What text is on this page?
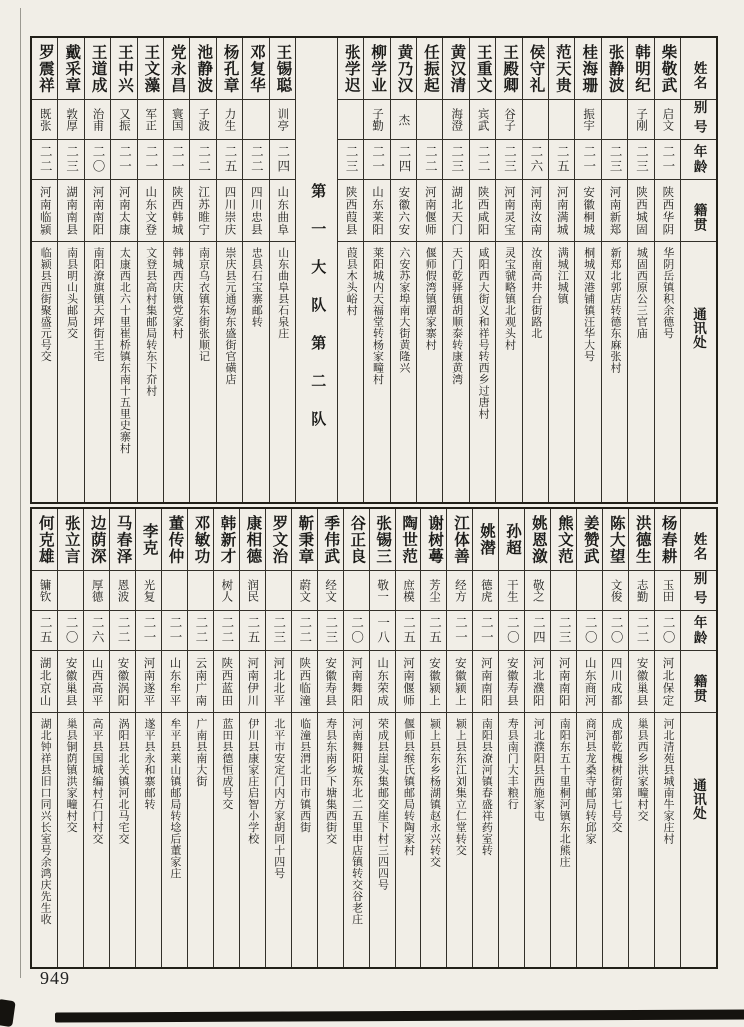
姓名
别号
年龄
籍贯
通讯处
柴敬武
启文
二一
陕西华阴
华阴岳镇积余德号
韩明纪
子刚
二三
陕西城固
城固西原公三官庙
张静波
二三
河南新郑
新郑北郭店转德东麻张村
桂海珊
振宇
二一
安徽桐城
桐城双港铺镇汪华大号
范天贵
二五
河南满城
满城江城镇
侯守礼
二六
河南汝南
汝南高井台街路北
王殿卿
谷子
二三
河南灵宝
灵宝虢略镇北观头村
王重文
宾武
二二
陕西咸阳
咸阳西大街义和祥号转西乡过唐村
黄汉清
海澄
二三
湖北天门
天门乾驿镇胡顺泰转康黄湾
任振起
二二
河南偃师
偃师假湾镇谭家寨村
黄乃汉
杰
二四
安徽六安
六安苏家埠南大街黄隆兴
柳学业
子勤
二一
山东莱阳
莱阳城内天福堂转杨家疃村
张学迟
二三
陕西葭县
葭县木头峪村
第一大队第二队
王锡聪
训亭
二四
山东曲阜
山东曲阜县石泉庄
邓复华
二二
四川忠县
忠县石宝寨邮转
杨孔章
力生
二五
四川崇庆
崇庆县元通场东盛街官磺店
池静波
子波
二二
江苏睢宁
南京乌衣镇东街张顺记
党永昌
寰国
二一
陕西韩城
韩城西庆镇党家村
王文藻
军正
二一
山东文登
文登县高村集邮局转东下夼村
王中兴
又振
二一
河南太康
太康西北六十里崔桥镇东南十五里史寨村
王道成
治甫
二〇
河南南阳
南阳潦旗镇天坪街王宅
戴采章
敦厚
二三
湖南南县
南县明山头邮局交
罗震祥
既张
二二
河南临颍
临颍县西街聚盛元号交
姓名
别号
年龄
籍贯
通讯处
杨春耕
玉田
二〇
河北保定
河北清苑县城南牛家庄村
洪德生
志勤
二二
安徽巢县
巢县西乡洪家疃村交
陈大望
文俊
二〇
四川成都
成都乾槐树街第七号交
姜赞武
二〇
山东商河
商河县龙桑寺邮局转邱家
熊文范
二三
河南南阳
南阳东五十里桐河镇东北熊庄
姚恩潋
敬之
二四
河北濮阳
河北濮阳县西施家屯
孙超
干生
二〇
安徽寿县
寿县南门大丰粮行
姚潜
德虎
二一
河南南阳
南阳县潦河镇春盛祥药室转
江体善
经方
二一
安徽颍上
颍上县东江刘集立仁堂转交
谢树蕚
芳尘
二五
安徽颍上
颍上县东乡杨湖镇赵永兴转交
陶世范
庶模
二五
河南偃师
偃师县缑氏镇邮局转陶家村
张锡三
敬一
一八
山东荣成
荣成县崖头集邮交崖下村三四四号
谷正良
二〇
河南舞阳
河南舞阳城东北二五里申店镇转交谷老庄
季伟武
经文
二三
安徽寿县
寿县东南乡下塘集西街交
靳秉章
蔚文
二二
陕西临潼
临潼县渭北田市镇西街
罗文治
二三
河北北平
北平市安定门内方家胡同十四号
康相德
润民
二五
河南伊川
伊川县康家庄启智小学校
韩新才
树人
二二
陕西蓝田
蓝田县德恒成号交
邓敏功
二二
云南广南
广南县南大街
董传仲
二一
山东牟平
牟平县莱山镇邮局转埝后董家庄
李克
光复
二一
河南遂平
遂平县永和寨邮转
马春泽
恩波
二二
安徽涡阳
涡阳县北关镇河北马宅交
边荫深
厚德
二六
山西高平
高平县国城编村石门村交
张立言
二〇
安徽巢县
巢县铜荫镇洪家疃村交
何克雄
镛钦
二五
湖北京山
湖北钟祥县旧口同兴长室号余鸿庆先生收
949
